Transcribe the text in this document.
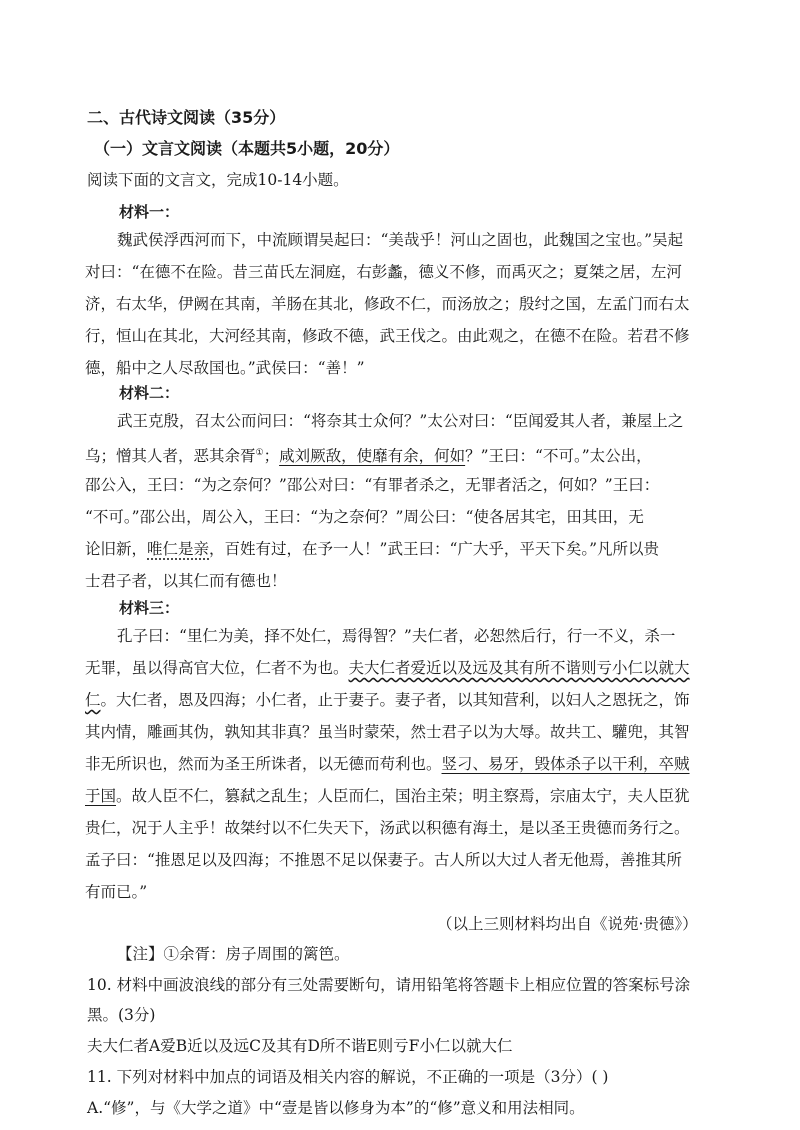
二、古代诗文阅读（35分）
（一）文言文阅读（本题共5小题，20分）
阅读下面的文言文，完成10-14小题。
材料一：
魏武侯浮西河而下，中流顾谓吴起曰：“美哉乎！河山之固也，此魏国之宝也。”吴起
对曰：“在德不在险。昔三苗氏左洞庭，右彭蠡，德义不修，而禹灭之；夏桀之居，左河
济，右太华，伊阙在其南，羊肠在其北，修政不仁，而汤放之；殷纣之国，左孟门而右太
行，恒山在其北，大河经其南，修政不德，武王伐之。由此观之，在德不在险。若君不修
德，船中之人尽敌国也。”武侯曰：“善！”
材料二：
武王克殷，召太公而问曰：“将奈其士众何？”太公对曰：“臣闻爱其人者，兼屋上之
乌；憎其人者，恶其余胥①；咸刘厥敌，使靡有余，何如？”王曰：“不可。”太公出，
邵公入，王曰：“为之奈何？”邵公对曰：“有罪者杀之，无罪者活之，何如？”王曰：
“不可。”邵公出，周公入，王曰：“为之奈何？”周公曰：“使各居其宅，田其田，无
论旧新，唯仁是亲，百姓有过，在予一人！”武王曰：“广大乎，平天下矣。”凡所以贵
士君子者，以其仁而有德也！
材料三：
孔子曰：“里仁为美，择不处仁，焉得智？”夫仁者，必恕然后行，行一不义，杀一
无罪，虽以得高官大位，仁者不为也。夫大仁者爱近以及远及其有所不谐则亏小仁以就大
仁。大仁者，恩及四海；小仁者，止于妻子。妻子者，以其知营利，以妇人之恩抚之，饰
其内情，雕画其伪，孰知其非真？虽当时蒙荣，然士君子以为大辱。故共工、驩兜，其智
非无所识也，然而为圣王所诛者，以无德而苟利也。竖刁、易牙，毁体杀子以干利，卒贼
于国。故人臣不仁，篡弑之乱生；人臣而仁，国治主荣；明主察焉，宗庙太宁，夫人臣犹
贵仁，况于人主乎！故桀纣以不仁失天下，汤武以积德有海土，是以圣王贵德而务行之。
孟子曰：“推恩足以及四海；不推恩不足以保妻子。古人所以大过人者无他焉，善推其所
有而已。”
（以上三则材料均出自《说苑·贵德》）
【注】①余胥：房子周围的篱笆。
10. 材料中画波浪线的部分有三处需要断句，请用铅笔将答题卡上相应位置的答案标号涂
黑。(3分)
夫大仁者A爱B近以及远C及其有D所不谐E则亏F小仁以就大仁
11. 下列对材料中加点的词语及相关内容的解说，不正确的一项是（3分）( )
A.“修”，与《大学之道》中“壹是皆以修身为本”的“修”意义和用法相同。
